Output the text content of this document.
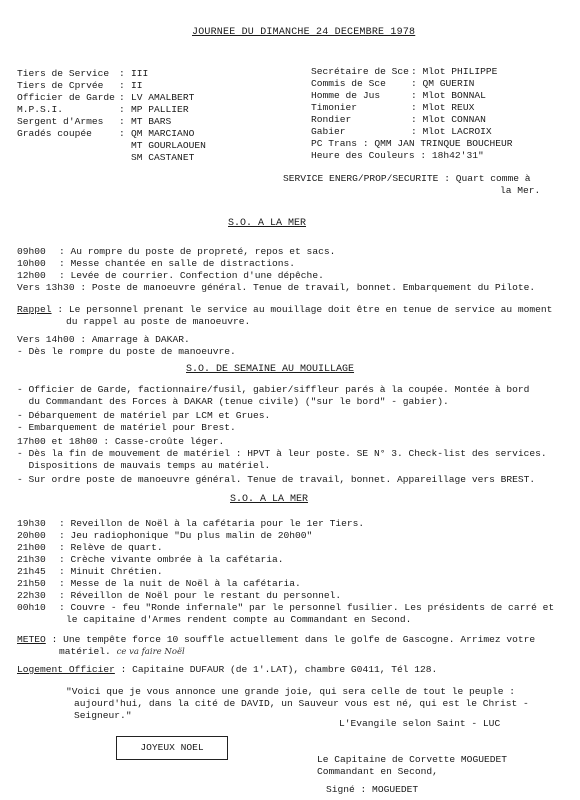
JOURNEE DU DIMANCHE 24 DECEMBRE 1978
Tiers de Service : III
Tiers de Cprvée : II
Officier de Garde : LV AMALBERT
M.P.S.I.	: MP PALLIER
Sergent d'Armes : MT BARS
Gradés coupée	: QM MARCIANO
MT GOURLAOUEN
SM CASTANET
Secrétaire de Sce : Mlot PHILIPPE
Commis de Sce	: QM GUERIN
Homme de Jus	: Mlot BONNAL
Timonier	: Mlot REUX
Rondier	: Mlot CONNAN
Gabier	: Mlot LACROIX
PC Trans : QMM JAN TRINQUE BOUCHEUR
Heure des Couleurs : 18h42'31"
SERVICE ENERG/PROP/SECURITE : Quart comme à
la Mer.
S.O. A LA MER
09h00 : Au rompre du poste de propreté, repos et sacs.
10h00 : Messe chantée en salle de distractions.
12h00 : Levée de courrier. Confection d'une dépêche.
Vers 13h30 : Poste de manoeuvre général. Tenue de travail, bonnet. Embarquement du Pilote.
Rappel : Le personnel prenant le service au mouillage doit être en tenue de service au moment
du rappel au poste de manoeuvre.
Vers 14h00 : Amarrage à DAKAR.
- Dès le rompre du poste de manoeuvre.
S.O. DE SEMAINE AU MOUILLAGE
- Officier de Garde, factionnaire/fusil, gabier/siffleur parés à la coupée. Montée à bord
du Commandant des Forces à DAKAR (tenue civile) ("sur le bord" - gabier).
- Débarquement de matériel par LCM et Grues.
- Embarquement de matériel pour Brest.
17h00 et 18h00 : Casse-croûte léger.
- Dès la fin de mouvement de matériel : HPVT à leur poste. SE N° 3. Check-list des services.
Dispositions de mauvais temps au matériel.
- Sur ordre poste de manoeuvre général. Tenue de travail, bonnet. Appareillage vers BREST.
S.O. A LA MER
19h30 : Reveillon de Noël à la cafétaria pour le 1er Tiers.
20h00 : Jeu radiophonique "Du plus malin de 20h00"
21h00 : Relève de quart.
21h30 : Crèche vivante ombrée à la cafétaria.
21h45 : Minuit Chrétien.
21h50 : Messe de la nuit de Noël à la cafétaria.
22h30 : Réveillon de Noël pour le restant du personnel.
00h10 : Couvre - feu "Ronde infernale" par le personnel fusilier. Les présidents de carré et
le capitaine d'Armes rendent compte au Commandant en Second.
METEO : Une tempête force 10 souffle actuellement dans le golfe de Gascogne. Arrimez votre
matériel. ce va faire Noël
Logement Officier : Capitaine DUFAUR (de 1'.LAT), chambre G0411, Tél 128.
"Voici que je vous annonce une grande joie, qui sera celle de tout le peuple :
aujourd'hui, dans la cité de DAVID, un Sauveur vous est né, qui est le Christ -
Seigneur."
L'Evangile selon Saint - LUC
JOYEUX NOEL
Le Capitaine de Corvette MOGUEDET
Commandant en Second,
Signé : MOGUEDET
